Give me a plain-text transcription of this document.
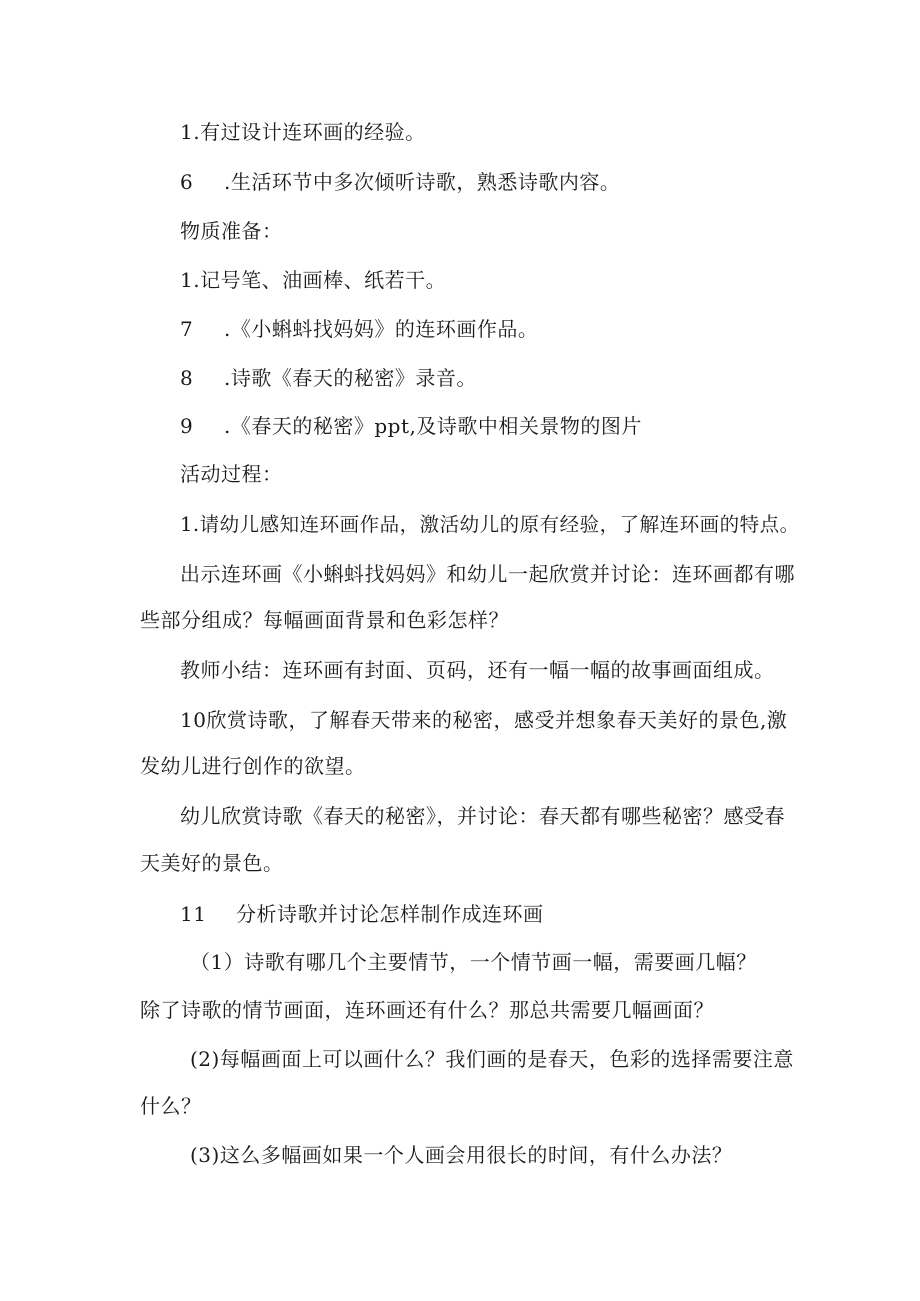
1.有过设计连环画的经验。
6 .生活环节中多次倾听诗歌，熟悉诗歌内容。
物质准备：
1.记号笔、油画棒、纸若干。
7 .《小蝌蚪找妈妈》的连环画作品。
8 .诗歌《春天的秘密》录音。
9 .《春天的秘密》ppt,及诗歌中相关景物的图片
活动过程：
1.请幼儿感知连环画作品，激活幼儿的原有经验，了解连环画的特点。
出示连环画《小蝌蚪找妈妈》和幼儿一起欣赏并讨论：连环画都有哪
些部分组成？每幅画面背景和色彩怎样？
教师小结：连环画有封面、页码，还有一幅一幅的故事画面组成。
10欣赏诗歌，了解春天带来的秘密，感受并想象春天美好的景色,激
发幼儿进行创作的欲望。
幼儿欣赏诗歌《春天的秘密》，并讨论：春天都有哪些秘密？感受春
天美好的景色。
11 分析诗歌并讨论怎样制作成连环画
（1）诗歌有哪几个主要情节，一个情节画一幅，需要画几幅？
除了诗歌的情节画面，连环画还有什么？那总共需要几幅画面？
(2)每幅画面上可以画什么？我们画的是春天，色彩的选择需要注意
什么？
(3)这么多幅画如果一个人画会用很长的时间，有什么办法？
